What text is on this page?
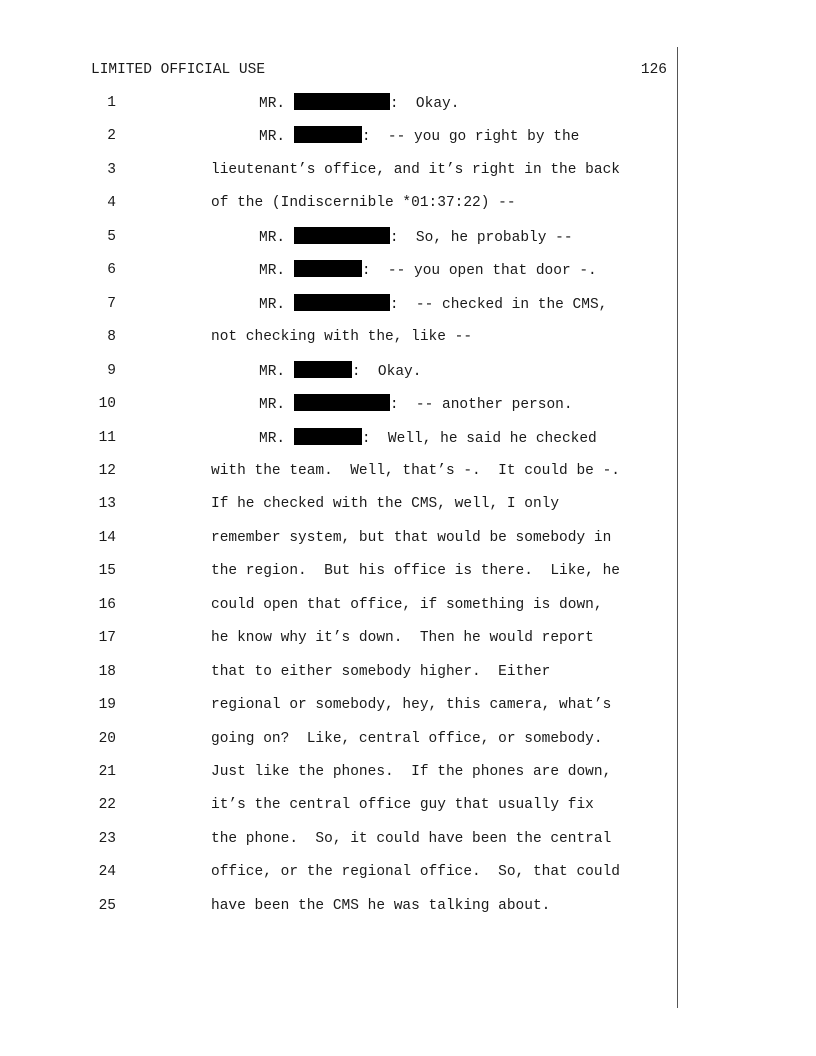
LIMITED OFFICIAL USE	126
1	MR.	:  Okay.
2	MR.	:  -- you go right by the
3	lieutenant’s office, and it’s right in the back
4	of the (Indiscernible *01:37:22) --
5	MR.	:  So, he probably --
6	MR.	:  -- you open that door -.
7	MR.	:  -- checked in the CMS,
8	not checking with the, like --
9	MR.	:  Okay.
10	MR.	:  -- another person.
11	MR.	:  Well, he said he checked
12	with the team.  Well, that’s -.  It could be -.
13	If he checked with the CMS, well, I only
14	remember system, but that would be somebody in
15	the region.  But his office is there.  Like, he
16	could open that office, if something is down,
17	he know why it’s down.  Then he would report
18	that to either somebody higher.  Either
19	regional or somebody, hey, this camera, what’s
20	going on?  Like, central office, or somebody.
21	Just like the phones.  If the phones are down,
22	it’s the central office guy that usually fix
23	the phone.  So, it could have been the central
24	office, or the regional office.  So, that could
25	have been the CMS he was talking about.
